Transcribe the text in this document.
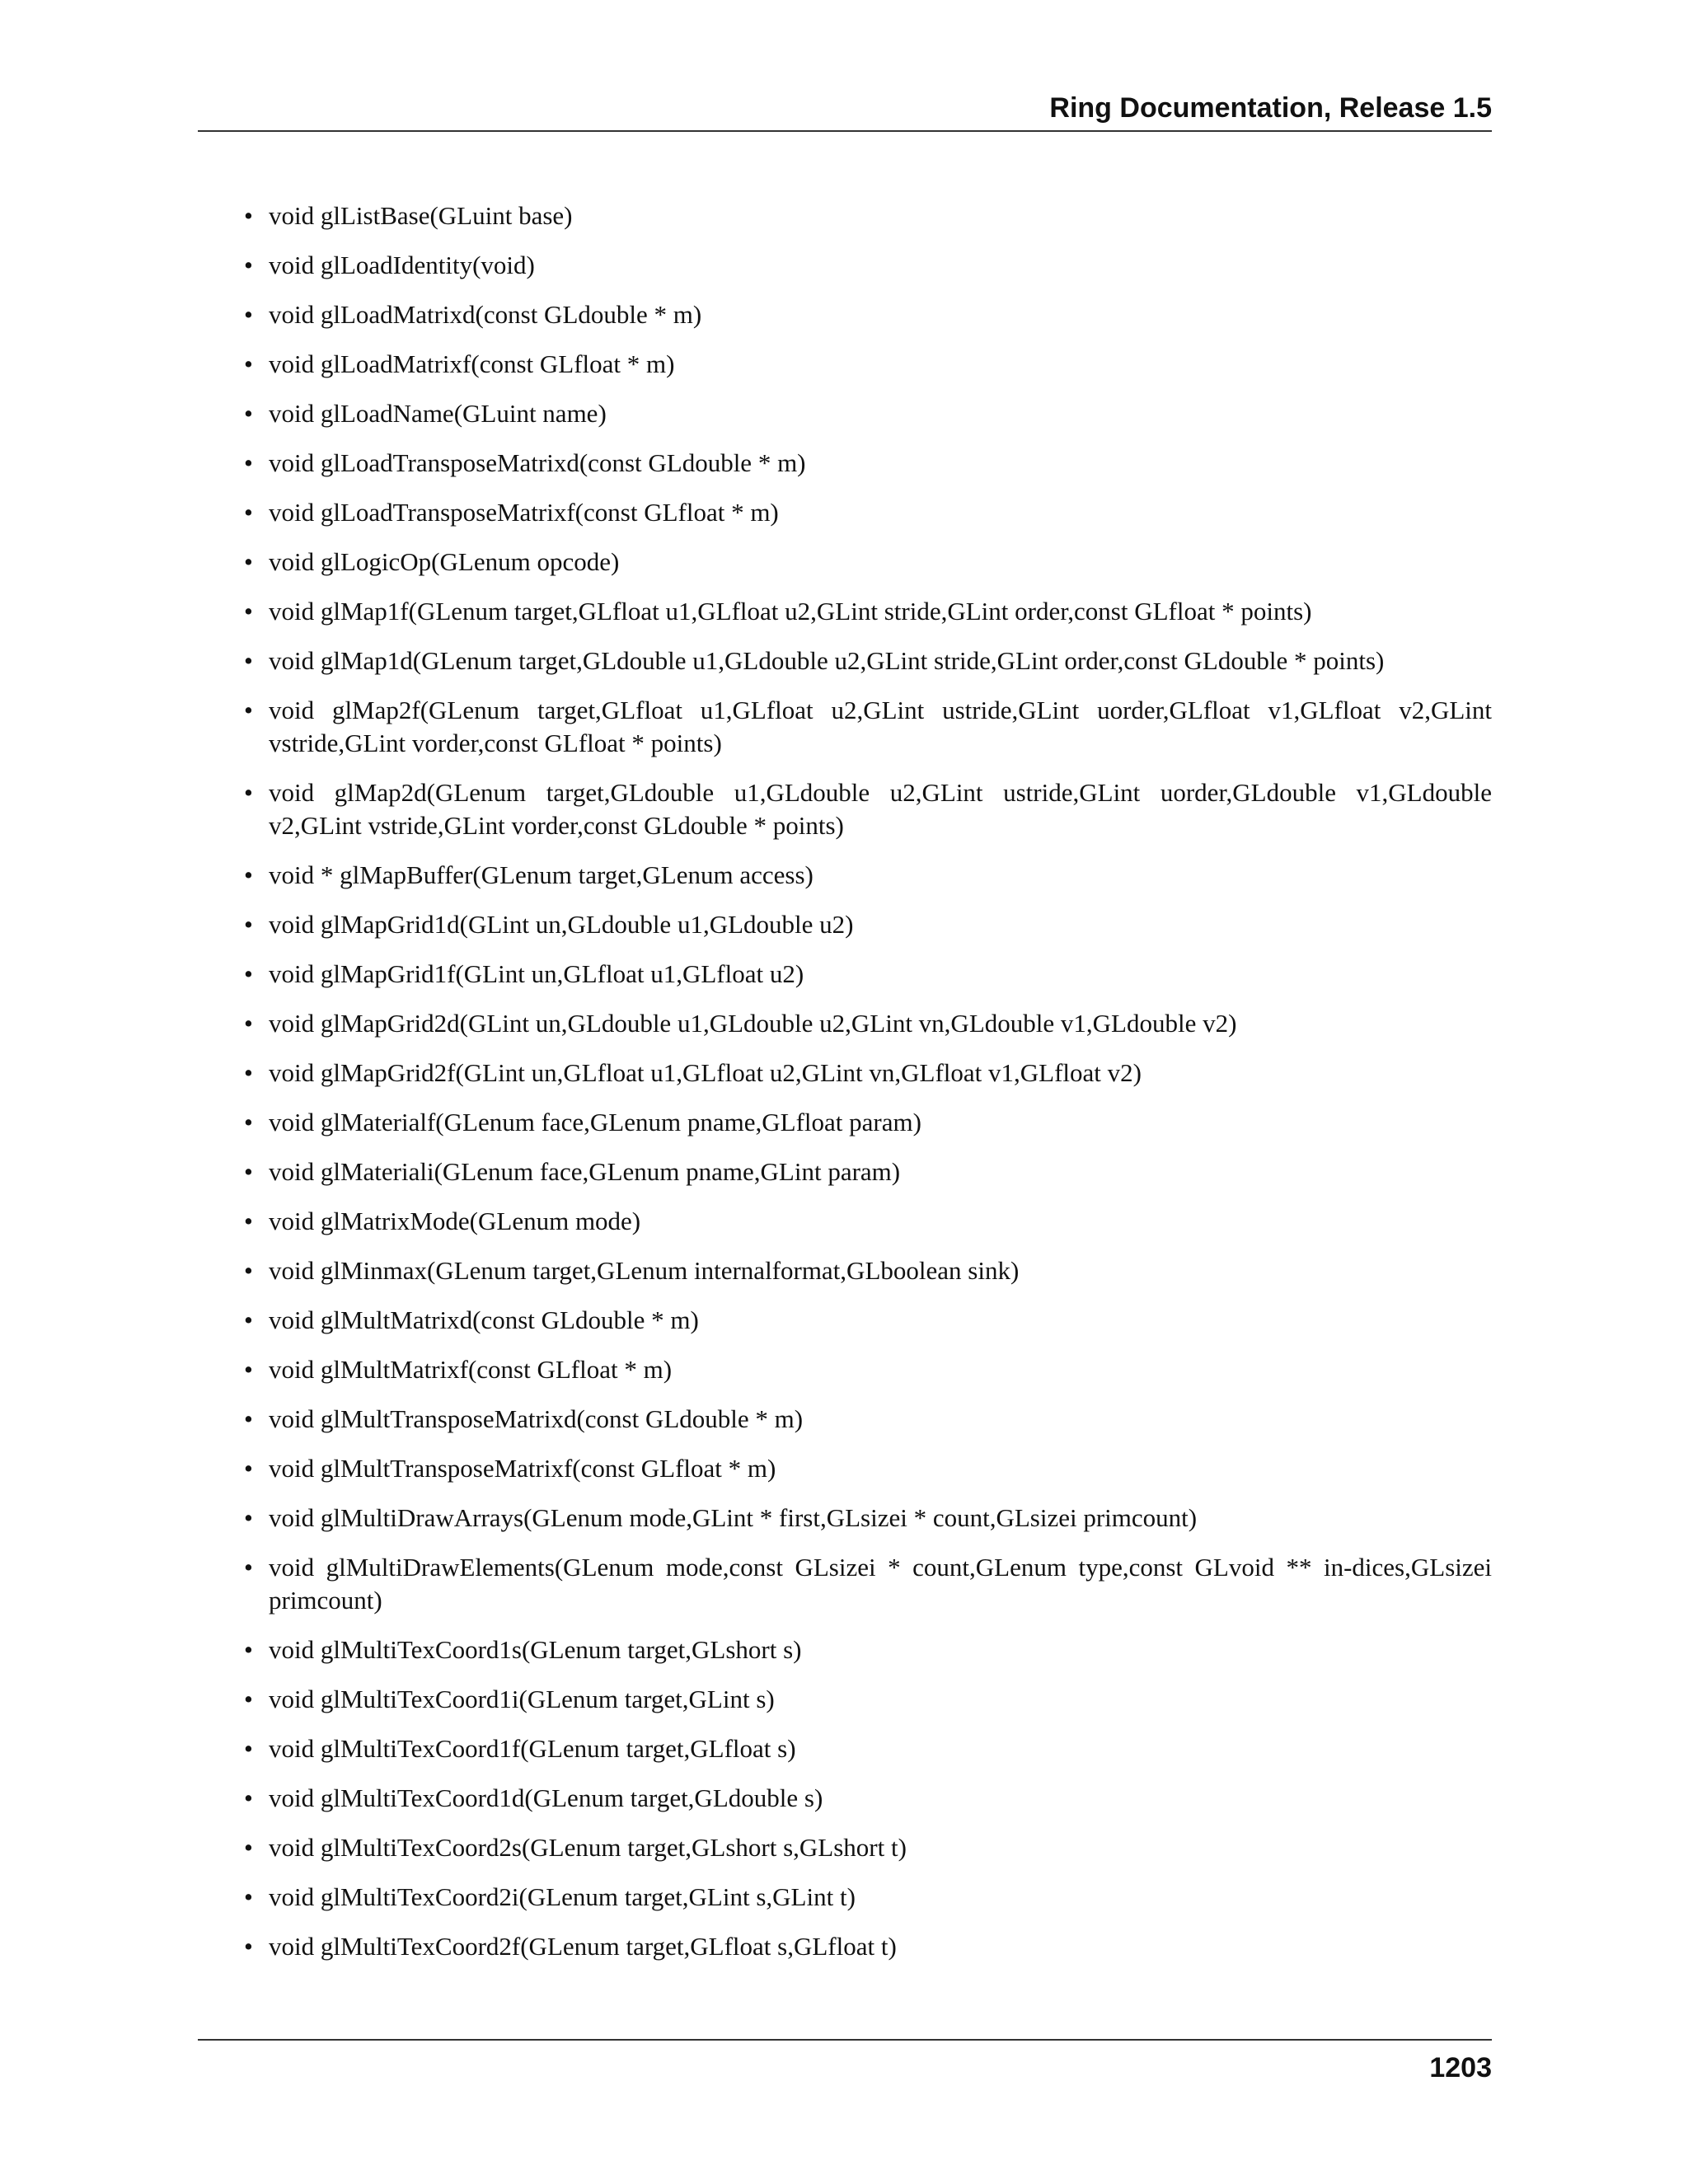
Ring Documentation, Release 1.5
• void glListBase(GLuint base)
• void glLoadIdentity(void)
• void glLoadMatrixd(const GLdouble * m)
• void glLoadMatrixf(const GLfloat * m)
• void glLoadName(GLuint name)
• void glLoadTransposeMatrixd(const GLdouble * m)
• void glLoadTransposeMatrixf(const GLfloat * m)
• void glLogicOp(GLenum opcode)
• void glMap1f(GLenum target,GLfloat u1,GLfloat u2,GLint stride,GLint order,const GLfloat * points)
• void glMap1d(GLenum target,GLdouble u1,GLdouble u2,GLint stride,GLint order,const GLdouble * points)
• void glMap2f(GLenum target,GLfloat u1,GLfloat u2,GLint ustride,GLint uorder,GLfloat v1,GLfloat v2,GLint vstride,GLint vorder,const GLfloat * points)
• void glMap2d(GLenum target,GLdouble u1,GLdouble u2,GLint ustride,GLint uorder,GLdouble v1,GLdouble v2,GLint vstride,GLint vorder,const GLdouble * points)
• void * glMapBuffer(GLenum target,GLenum access)
• void glMapGrid1d(GLint un,GLdouble u1,GLdouble u2)
• void glMapGrid1f(GLint un,GLfloat u1,GLfloat u2)
• void glMapGrid2d(GLint un,GLdouble u1,GLdouble u2,GLint vn,GLdouble v1,GLdouble v2)
• void glMapGrid2f(GLint un,GLfloat u1,GLfloat u2,GLint vn,GLfloat v1,GLfloat v2)
• void glMaterialf(GLenum face,GLenum pname,GLfloat param)
• void glMateriali(GLenum face,GLenum pname,GLint param)
• void glMatrixMode(GLenum mode)
• void glMinmax(GLenum target,GLenum internalformat,GLboolean sink)
• void glMultMatrixd(const GLdouble * m)
• void glMultMatrixf(const GLfloat * m)
• void glMultTransposeMatrixd(const GLdouble * m)
• void glMultTransposeMatrixf(const GLfloat * m)
• void glMultiDrawArrays(GLenum mode,GLint * first,GLsizei * count,GLsizei primcount)
• void glMultiDrawElements(GLenum mode,const GLsizei * count,GLenum type,const GLvoid ** in-dices,GLsizei primcount)
• void glMultiTexCoord1s(GLenum target,GLshort s)
• void glMultiTexCoord1i(GLenum target,GLint s)
• void glMultiTexCoord1f(GLenum target,GLfloat s)
• void glMultiTexCoord1d(GLenum target,GLdouble s)
• void glMultiTexCoord2s(GLenum target,GLshort s,GLshort t)
• void glMultiTexCoord2i(GLenum target,GLint s,GLint t)
• void glMultiTexCoord2f(GLenum target,GLfloat s,GLfloat t)
1203
